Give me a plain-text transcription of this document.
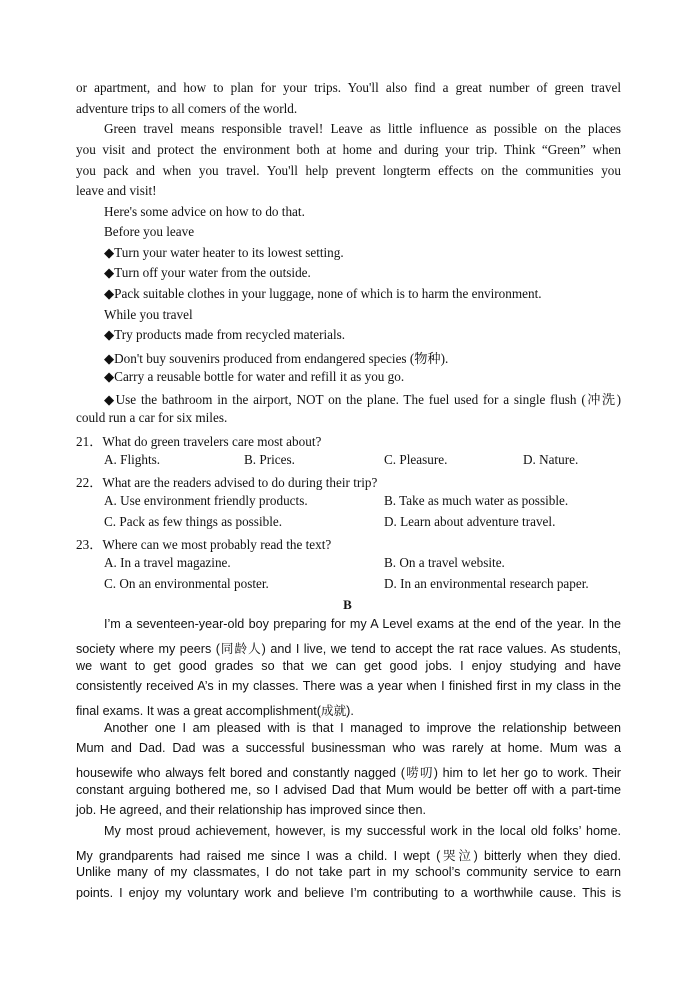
or apartment, and how to plan for your trips. You'll also find a great number of green travel
adventure trips to all comers of the world.
Green travel means responsible travel! Leave as little influence as possible on the places
you visit and protect the environment both at home and during your trip. Think “Green” when
you pack and when you travel. You'll help prevent longterm effects on the communities you
leave and visit!
Here's some advice on how to do that.
Before you leave
◆Turn your water heater to its lowest setting.
◆Turn off your water from the outside.
◆Pack suitable clothes in your luggage, none of which is to harm the environment.
While you travel
◆Try products made from recycled materials.
◆Don't buy souvenirs produced from endangered species (物种).
◆Carry a reusable bottle for water and refill it as you go.
◆Use the bathroom in the airport, NOT on the plane. The fuel used for a single flush (冲洗)
could run a car for six miles.
21．What do green travelers care most about?
A. Flights.	B. Prices.	C. Pleasure.	D. Nature.
22．What are the readers advised to do during their trip?
A. Use environment friendly products.	B. Take as much water as possible.
C. Pack as few things as possible.	D. Learn about adventure travel.
23．Where can we most probably read the text?
A. In a travel magazine.	B. On a travel website.
C. On an environmental poster.	D. In an environmental research paper.
B
I’m a seventeen-year-old boy preparing for my A Level exams at the end of the year. In the
society where my peers (同龄人) and I live, we tend to accept the rat race values. As students,
we want to get good grades so that we can get good jobs. I enjoy studying and have
consistently received A’s in my classes. There was a year when I finished first in my class in the
final exams. It was a great accomplishment(成就).
Another one I am pleased with is that I managed to improve the relationship between
Mum and Dad. Dad was a successful businessman who was rarely at home. Mum was a
housewife who always felt bored and constantly nagged (唠叨) him to let her go to work. Their
constant arguing bothered me, so I advised Dad that Mum would be better off with a part-time
job. He agreed, and their relationship has improved since then.
My most proud achievement, however, is my successful work in the local old folks’ home.
My grandparents had raised me since I was a child. I wept (哭泣) bitterly when they died.
Unlike many of my classmates, I do not take part in my school’s community service to earn
points. I enjoy my voluntary work and believe I’m contributing to a worthwhile cause. This is
